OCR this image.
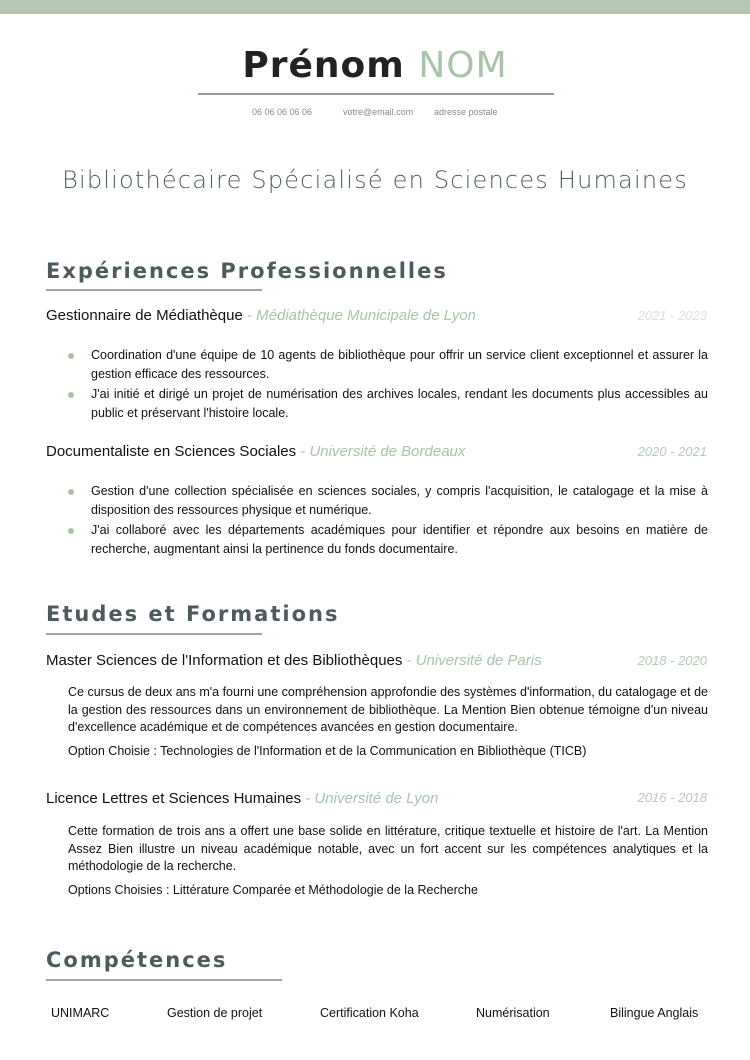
Prénom NOM
06 06 06 06 06	votre@email.com adresse postale
Bibliothécaire Spécialisé en Sciences Humaines
Expériences Professionnelles
Gestionnaire de Médiathèque - Médiathèque Municipale de Lyon	2021 - 2023
Coordination d'une équipe de 10 agents de bibliothèque pour offrir un service client exceptionnel et assurer la gestion efficace des ressources.
J'ai initié et dirigé un projet de numérisation des archives locales, rendant les documents plus accessibles au public et préservant l'histoire locale.
Documentaliste en Sciences Sociales - Université de Bordeaux	2020 - 2021
Gestion d'une collection spécialisée en sciences sociales, y compris l'acquisition, le catalogage et la mise à disposition des ressources physique et numérique.
J'ai collaboré avec les départements académiques pour identifier et répondre aux besoins en matière de recherche, augmentant ainsi la pertinence du fonds documentaire.
Etudes et Formations
Master Sciences de l'Information et des Bibliothèques - Université de Paris	2018 - 2020
Ce cursus de deux ans m'a fourni une compréhension approfondie des systèmes d'information, du catalogage et de la gestion des ressources dans un environnement de bibliothèque. La Mention Bien obtenue témoigne d'un niveau d'excellence académique et de compétences avancées en gestion documentaire.
Option Choisie : Technologies de l'Information et de la Communication en Bibliothèque (TICB)
Licence Lettres et Sciences Humaines - Université de Lyon	2016 - 2018
Cette formation de trois ans a offert une base solide en littérature, critique textuelle et histoire de l'art. La Mention Assez Bien illustre un niveau académique notable, avec un fort accent sur les compétences analytiques et la méthodologie de la recherche.
Options Choisies : Littérature Comparée et Méthodologie de la Recherche
Compétences
UNIMARC	Gestion de projet	Certification Koha	Numérisation	Bilingue Anglais
